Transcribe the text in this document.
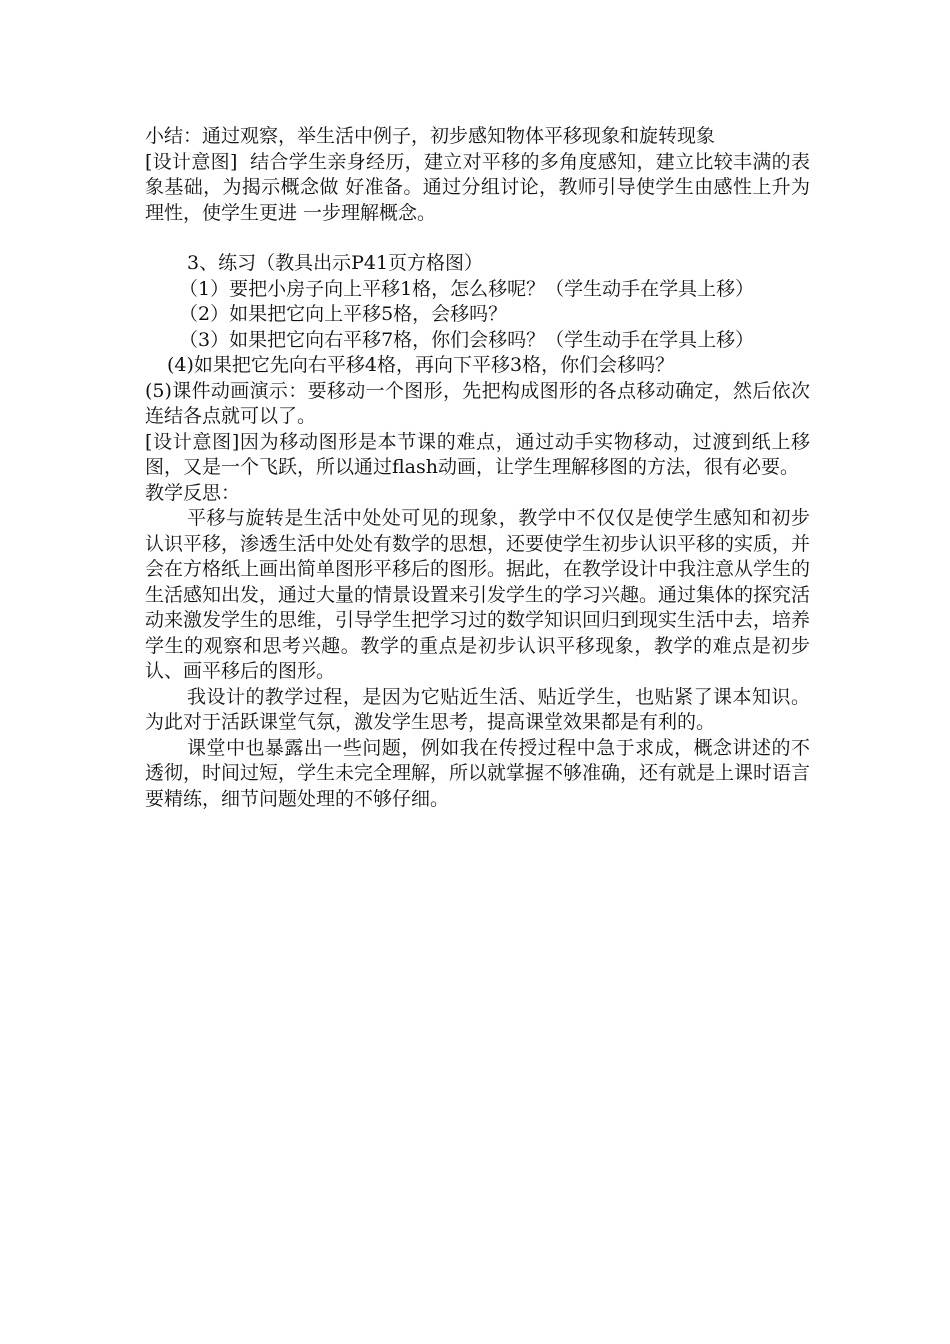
小结：通过观察，举生活中例子，初步感知物体平移现象和旋转现象

[设计意图]  结合学生亲身经历，建立对平移的多角度感知，建立比较丰满的表象基础，为揭示概念做 好准备。通过分组讨论，教师引导使学生由感性上升为理性，使学生更进 一步理解概念。

3、练习（教具出示P41页方格图）

（1）要把小房子向上平移1格，怎么移呢？（学生动手在学具上移）

（2）如果把它向上平移5格，会移吗？

（3）如果把它向右平移7格，你们会移吗？（学生动手在学具上移）

(4)如果把它先向右平移4格，再向下平移3格，你们会移吗？

(5)课件动画演示：要移动一个图形，先把构成图形的各点移动确定，然后依次连结各点就可以了。

[设计意图]因为移动图形是本节课的难点，通过动手实物移动，过渡到纸上移图，又是一个飞跃，所以通过flash动画，让学生理解移图的方法，很有必要。

教学反思：

平移与旋转是生活中处处可见的现象，教学中不仅仅是使学生感知和初步认识平移，渗透生活中处处有数学的思想，还要使学生初步认识平移的实质，并会在方格纸上画出简单图形平移后的图形。据此，在教学设计中我注意从学生的生活感知出发，通过大量的情景设置来引发学生的学习兴趣。通过集体的探究活动来激发学生的思维，引导学生把学习过的数学知识回归到现实生活中去，培养学生的观察和思考兴趣。教学的重点是初步认识平移现象，教学的难点是初步认、画平移后的图形。

我设计的教学过程，是因为它贴近生活、贴近学生，也贴紧了课本知识。为此对于活跃课堂气氛，激发学生思考，提高课堂效果都是有利的。

课堂中也暴露出一些问题，例如我在传授过程中急于求成，概念讲述的不透彻，时间过短，学生未完全理解，所以就掌握不够准确，还有就是上课时语言要精练，细节问题处理的不够仔细。
